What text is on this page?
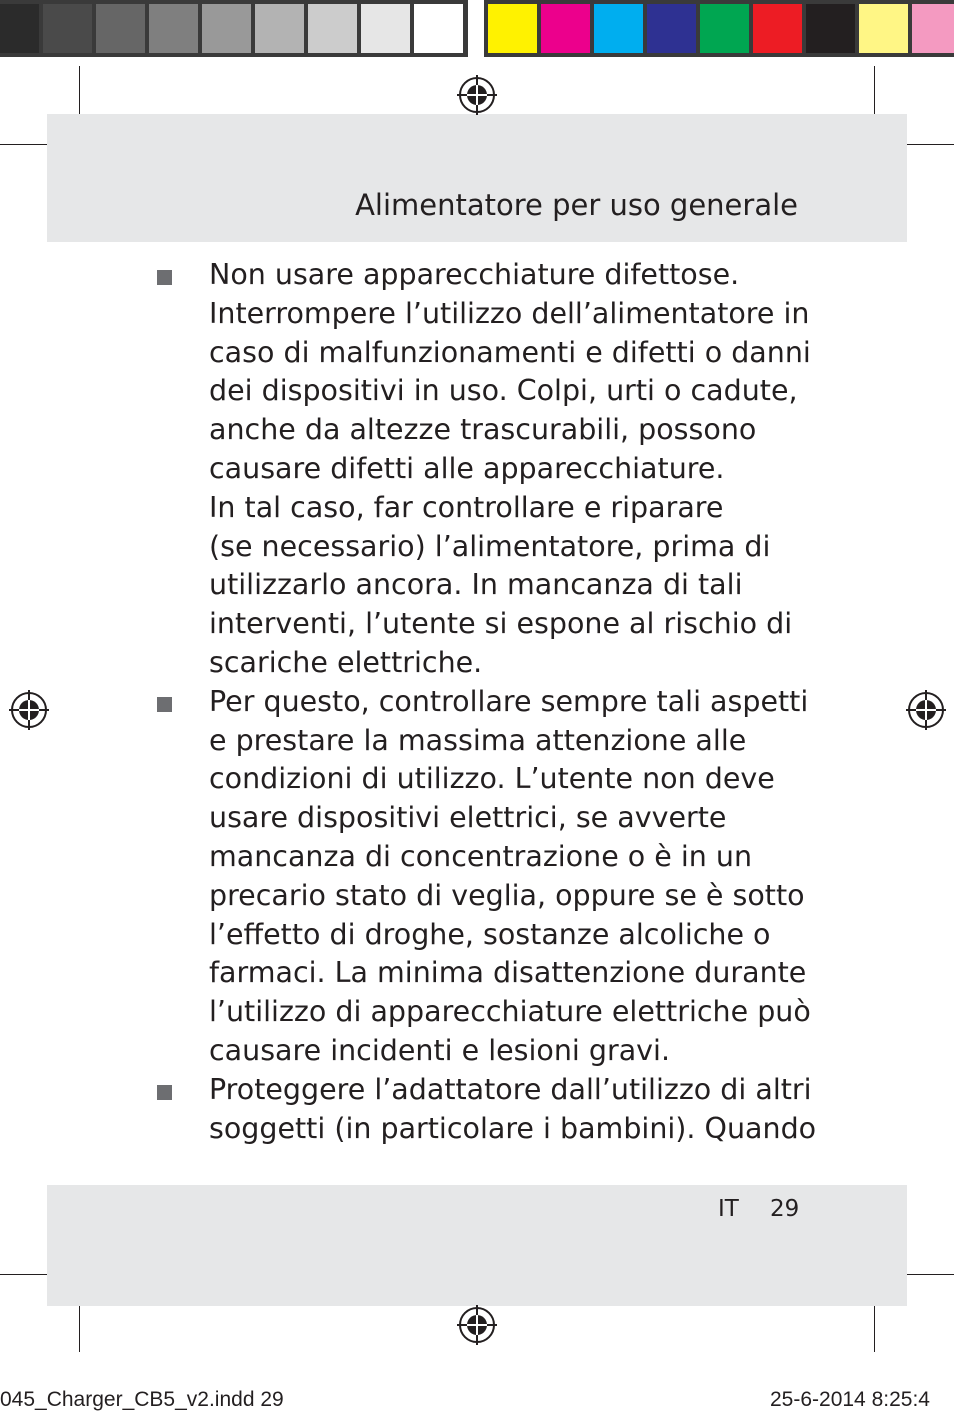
Alimentatore per uso generale
Non usare apparecchiature difettose.
Interrompere l’utilizzo dell’alimentatore in
caso di malfunzionamenti e difetti o danni
dei dispositivi in uso. Colpi, urti o cadute,
anche da altezze trascurabili, possono
causare difetti alle apparecchiature.
In tal caso, far controllare e riparare
(se necessario) l’alimentatore, prima di
utilizzarlo ancora. In mancanza di tali
interventi, l’utente si espone al rischio di
scariche elettriche.
Per questo, controllare sempre tali aspetti
e prestare la massima attenzione alle
condizioni di utilizzo. L’utente non deve
usare dispositivi elettrici, se avverte
mancanza di concentrazione o è in un
precario stato di veglia, oppure se è sotto
l’effetto di droghe, sostanze alcoliche o
farmaci. La minima disattenzione durante
l’utilizzo di apparecchiature elettriche può
causare incidenti e lesioni gravi.
Proteggere l’adattatore dall’utilizzo di altri
soggetti (in particolare i bambini). Quando
IT 29
045_Charger_CB5_v2.indd 29	25-6-2014 8:25:4
